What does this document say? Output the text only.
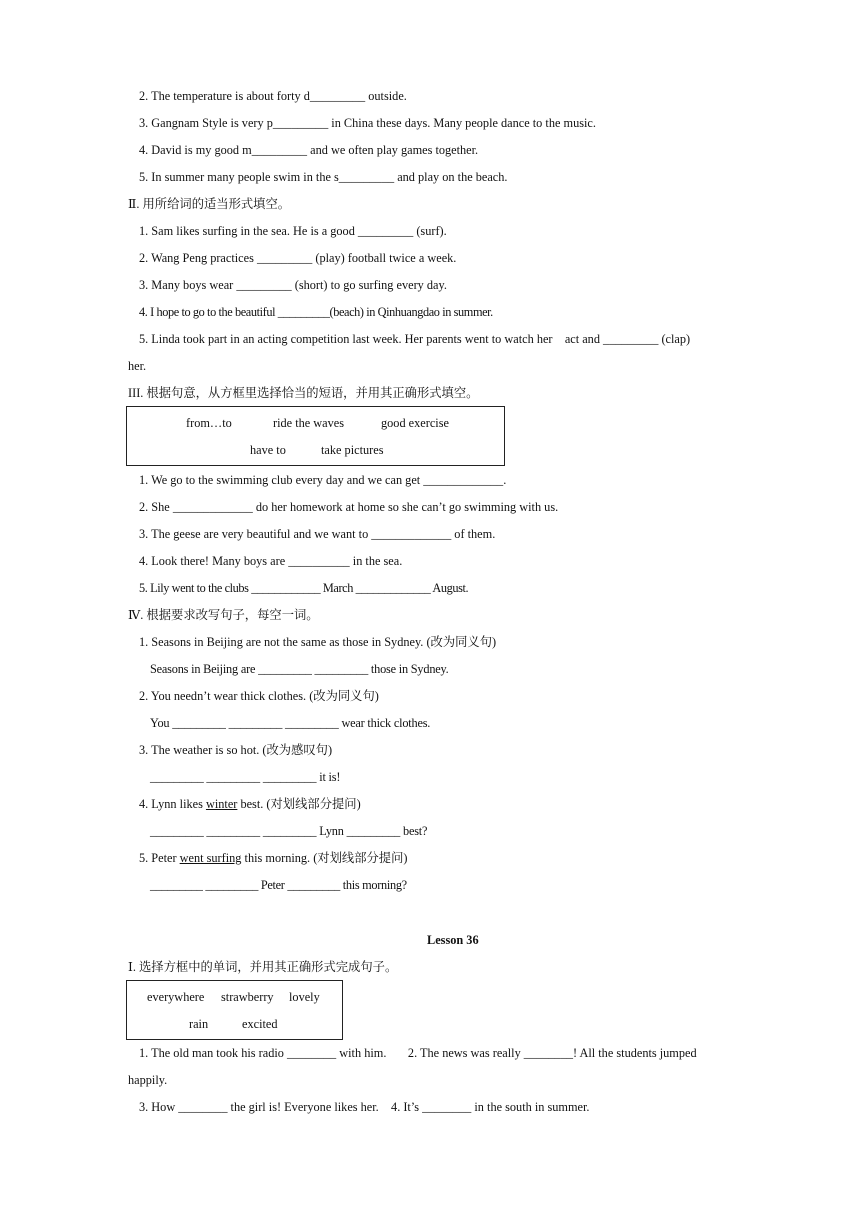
2. The temperature is about forty d_________ outside.
3. Gangnam Style is very p_________ in China these days. Many people dance to the music.
4. David is my good m_________ and we often play games together.
5. In summer many people swim in the s_________ and play on the beach.
Ⅱ. 用所给词的适当形式填空。
1. Sam likes surfing in the sea. He is a good _________ (surf).
2. Wang Peng practices _________ (play) football twice a week.
3. Many boys wear _________ (short) to go surfing every day.
4. I hope to go to the beautiful _________(beach) in Qinhuangdao in summer.
5. Linda took part in an acting competition last week. Her parents went to watch her    act and _________ (clap)
her.
III. 根据句意，从方框里选择恰当的短语，并用其正确形式填空。
from…to	ride the waves	good exercise
have to	take pictures
1. We go to the swimming club every day and we can get _____________.
2. She _____________ do her homework at home so she can’t go swimming with us.
3. The geese are very beautiful and we want to _____________ of them.
4. Look there! Many boys are __________ in the sea.
5. Lily went to the clubs ____________ March _____________ August.
Ⅳ. 根据要求改写句子，每空一词。
1. Seasons in Beijing are not the same as those in Sydney. (改为同义句)
Seasons in Beijing are _________ _________ those in Sydney.
2. You needn’t wear thick clothes. (改为同义句)
You _________ _________ _________ wear thick clothes.
3. The weather is so hot. (改为感叹句)
_________ _________ _________ it is!
4. Lynn likes winter best. (对划线部分提问)
_________ _________ _________ Lynn _________ best?
5. Peter went surfing this morning. (对划线部分提问)
_________ _________ Peter _________ this morning?
Lesson 36
Ⅰ. 选择方框中的单词，并用其正确形式完成句子。
everywhere strawberry lovely
rain	excited
1. The old man took his radio ________ with him.       2. The news was really ________! All the students jumped
happily.
3. How ________ the girl is! Everyone likes her.    4. It’s ________ in the south in summer.
